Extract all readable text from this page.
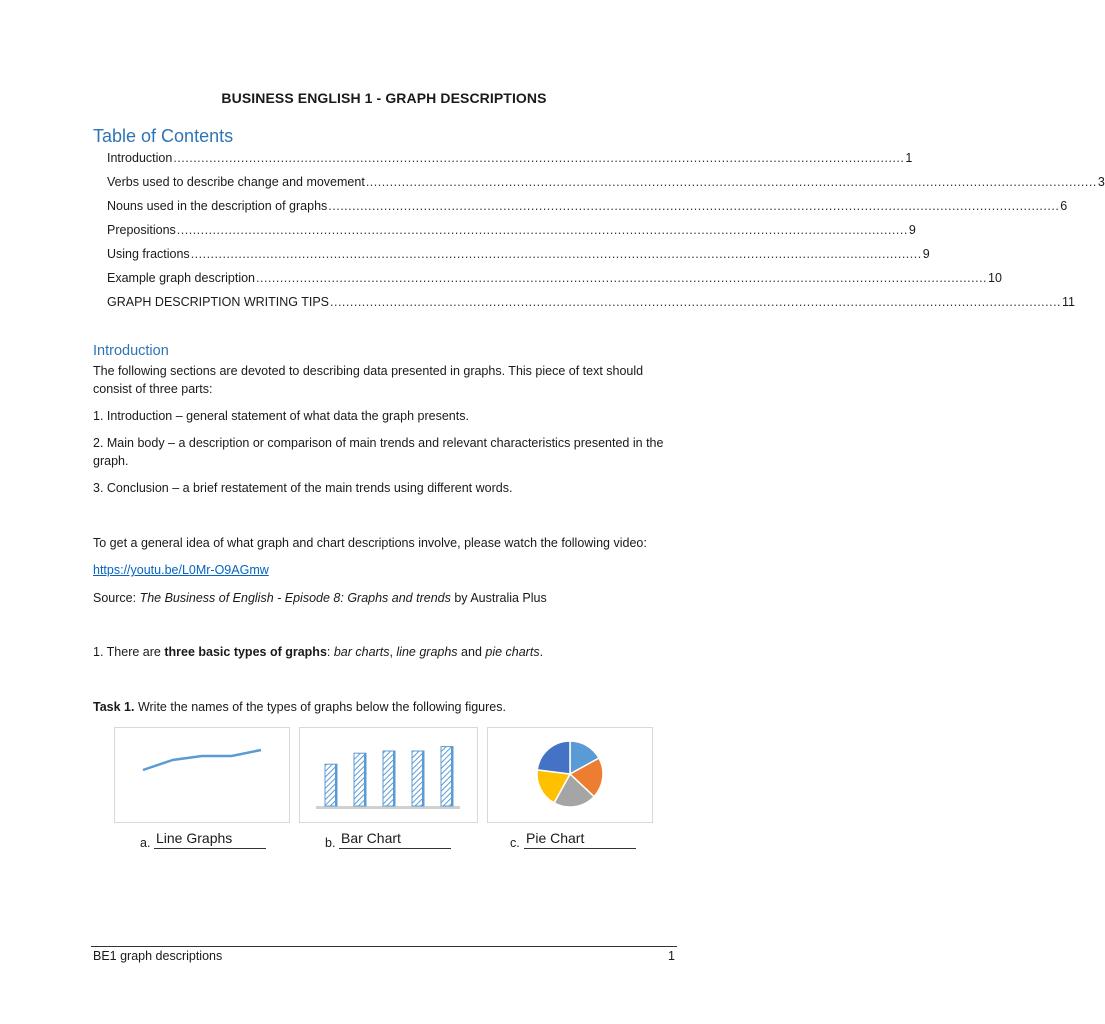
BUSINESS ENGLISH 1 - GRAPH DESCRIPTIONS
Table of Contents
Introduction ........................................................................................................................................................................................ 1
Verbs used to describe change and movement ........................................................................................................................................................................................ 3
Nouns used in the description of graphs ........................................................................................................................................................................................ 6
Prepositions ........................................................................................................................................................................................ 9
Using fractions ........................................................................................................................................................................................ 9
Example graph description ........................................................................................................................................................................................ 10
GRAPH DESCRIPTION WRITING TIPS ........................................................................................................................................................................................ 11
Introduction
The following sections are devoted to describing data presented in graphs. This piece of text should consist of three parts:
1. Introduction – general statement of what data the graph presents.
2. Main body – a description or comparison of main trends and relevant characteristics presented in the graph.
3. Conclusion – a brief restatement of the main trends using different words.
To get a general idea of what graph and chart descriptions involve, please watch the following video:
https://youtu.be/L0Mr-O9AGmw
Source: The Business of English - Episode 8: Graphs and trends by Australia Plus
1. There are three basic types of graphs: bar charts, line graphs and pie charts.
Task 1. Write the names of the types of graphs below the following figures.
a. Line Graphs	b. Bar Chart	c. Pie Chart
BE1 graph descriptions	1
